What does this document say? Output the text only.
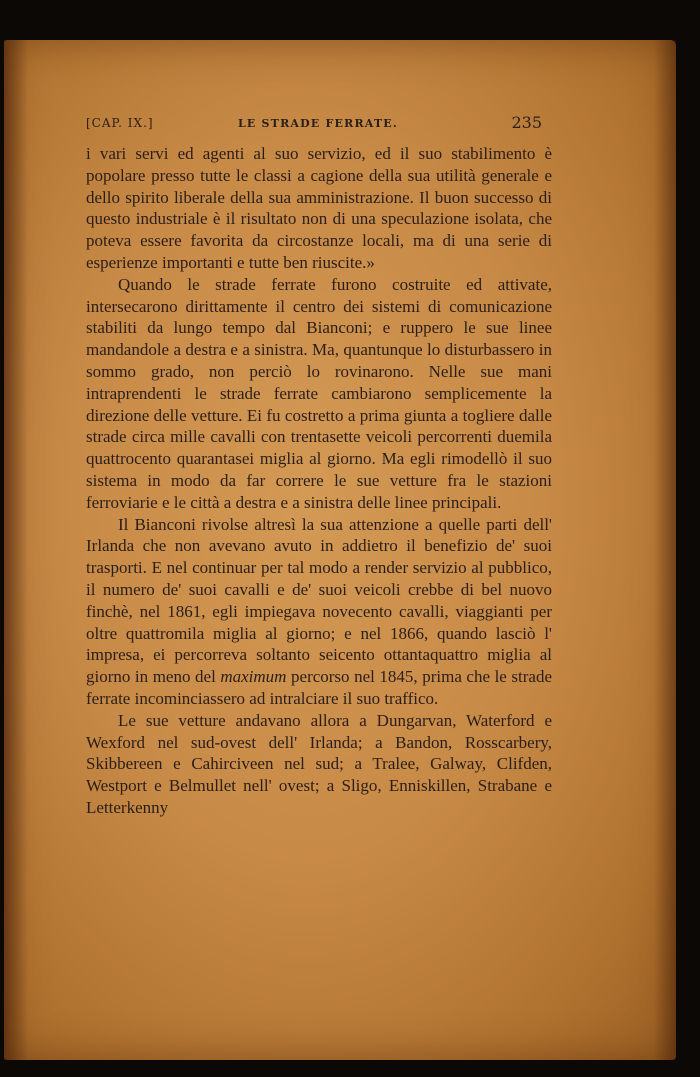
[CAP. IX.]	LE STRADE FERRATE.	235

i vari servi ed agenti al suo servizio, ed il suo stabilimento è popolare presso tutte le classi a cagione della sua utilità generale e dello spirito liberale della sua amministrazione. Il buon successo di questo industriale è il risultato non di una speculazione isolata, che poteva essere favorita da circostanze locali, ma di una serie di esperienze importanti e tutte ben riuscite.»

Quando le strade ferrate furono costruite ed attivate, intersecarono dirittamente il centro dei sistemi di comunicazione stabiliti da lungo tempo dal Bianconi; e ruppero le sue linee mandandole a destra e a sinistra. Ma, quantunque lo disturbassero in sommo grado, non perciò lo rovinarono. Nelle sue mani intraprendenti le strade ferrate cambiarono semplicemente la direzione delle vetture. Ei fu costretto a prima giunta a togliere dalle strade circa mille cavalli con trentasette veicoli percorrenti duemila quattrocento quarantasei miglia al giorno. Ma egli rimodellò il suo sistema in modo da far correre le sue vetture fra le stazioni ferroviarie e le città a destra e a sinistra delle linee principali.

Il Bianconi rivolse altresì la sua attenzione a quelle parti dell' Irlanda che non avevano avuto in addietro il benefizio de' suoi trasporti. E nel continuar per tal modo a render servizio al pubblico, il numero de' suoi cavalli e de' suoi veicoli crebbe di bel nuovo finchè, nel 1861, egli impiegava novecento cavalli, viaggianti per oltre quattromila miglia al giorno; e nel 1866, quando lasciò l' impresa, ei percorreva soltanto seicento ottantaquattro miglia al giorno in meno del maximum percorso nel 1845, prima che le strade ferrate incominciassero ad intralciare il suo traffico.

Le sue vetture andavano allora a Dungarvan, Waterford e Wexford nel sud-ovest dell' Irlanda; a Bandon, Rosscarbery, Skibbereen e Cahirciveen nel sud; a Tralee, Galway, Clifden, Westport e Belmullet nell' ovest; a Sligo, Enniskillen, Strabane e Letterkenny
